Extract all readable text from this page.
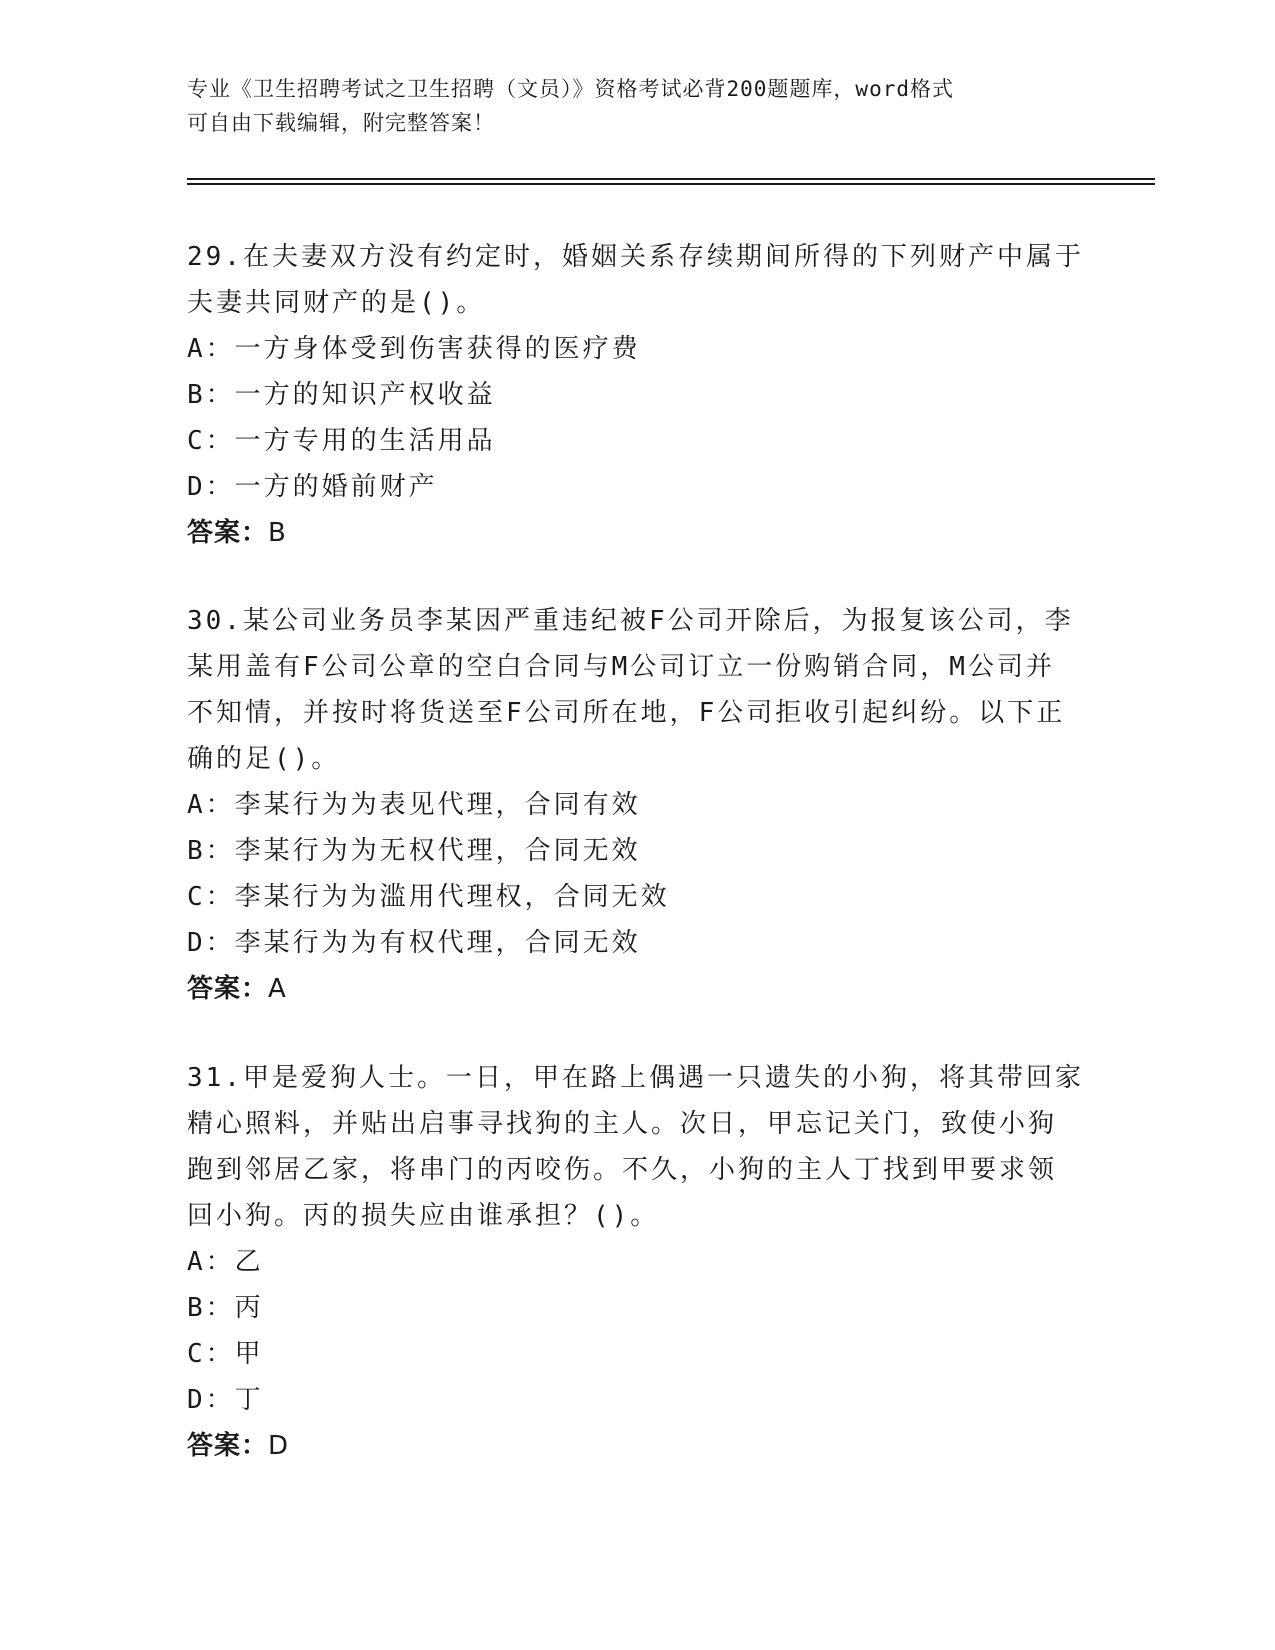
专业《卫生招聘考试之卫生招聘（文员）》资格考试必背200题题库，word格式
可自由下载编辑，附完整答案！

29.在夫妻双方没有约定时，婚姻关系存续期间所得的下列财产中属于

夫妻共同财产的是()。

A：一方身体受到伤害获得的医疗费

B：一方的知识产权收益

C：一方专用的生活用品

D：一方的婚前财产

答案：B

30.某公司业务员李某因严重违纪被F公司开除后，为报复该公司，李

某用盖有F公司公章的空白合同与M公司订立一份购销合同，M公司并

不知情，并按时将货送至F公司所在地，F公司拒收引起纠纷。以下正

确的足()。

A：李某行为为表见代理，合同有效

B：李某行为为无权代理，合同无效

C：李某行为为滥用代理权，合同无效

D：李某行为为有权代理，合同无效

答案：A

31.甲是爱狗人士。一日，甲在路上偶遇一只遗失的小狗，将其带回家

精心照料，并贴出启事寻找狗的主人。次日，甲忘记关门，致使小狗

跑到邻居乙家，将串门的丙咬伤。不久，小狗的主人丁找到甲要求领

回小狗。丙的损失应由谁承担？()。

A：乙

B：丙

C：甲

D：丁

答案：D
